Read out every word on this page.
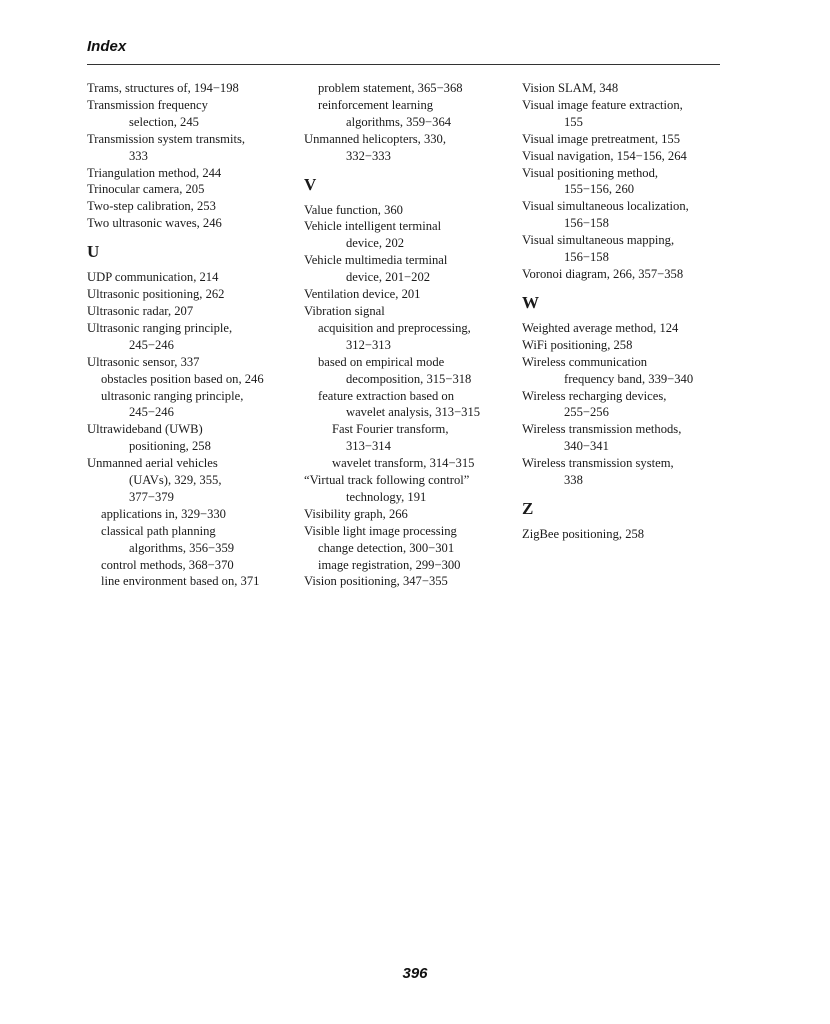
Index
Trams, structures of, 194−198
Transmission frequency
selection, 245
Transmission system transmits,
333
Triangulation method, 244
Trinocular camera, 205
Two-step calibration, 253
Two ultrasonic waves, 246
U
UDP communication, 214
Ultrasonic positioning, 262
Ultrasonic radar, 207
Ultrasonic ranging principle,
245−246
Ultrasonic sensor, 337
obstacles position based on, 246
ultrasonic ranging principle,
245−246
Ultrawideband (UWB)
positioning, 258
Unmanned aerial vehicles
(UAVs), 329, 355,
377−379
applications in, 329−330
classical path planning
algorithms, 356−359
control methods, 368−370
line environment based on, 371
problem statement, 365−368
reinforcement learning
algorithms, 359−364
Unmanned helicopters, 330,
332−333
V
Value function, 360
Vehicle intelligent terminal
device, 202
Vehicle multimedia terminal
device, 201−202
Ventilation device, 201
Vibration signal
acquisition and preprocessing,
312−313
based on empirical mode
decomposition, 315−318
feature extraction based on
wavelet analysis, 313−315
Fast Fourier transform,
313−314
wavelet transform, 314−315
“Virtual track following control”
technology, 191
Visibility graph, 266
Visible light image processing
change detection, 300−301
image registration, 299−300
Vision positioning, 347−355
Vision SLAM, 348
Visual image feature extraction,
155
Visual image pretreatment, 155
Visual navigation, 154−156, 264
Visual positioning method,
155−156, 260
Visual simultaneous localization,
156−158
Visual simultaneous mapping,
156−158
Voronoi diagram, 266, 357−358
W
Weighted average method, 124
WiFi positioning, 258
Wireless communication
frequency band, 339−340
Wireless recharging devices,
255−256
Wireless transmission methods,
340−341
Wireless transmission system,
338
Z
ZigBee positioning, 258
396
